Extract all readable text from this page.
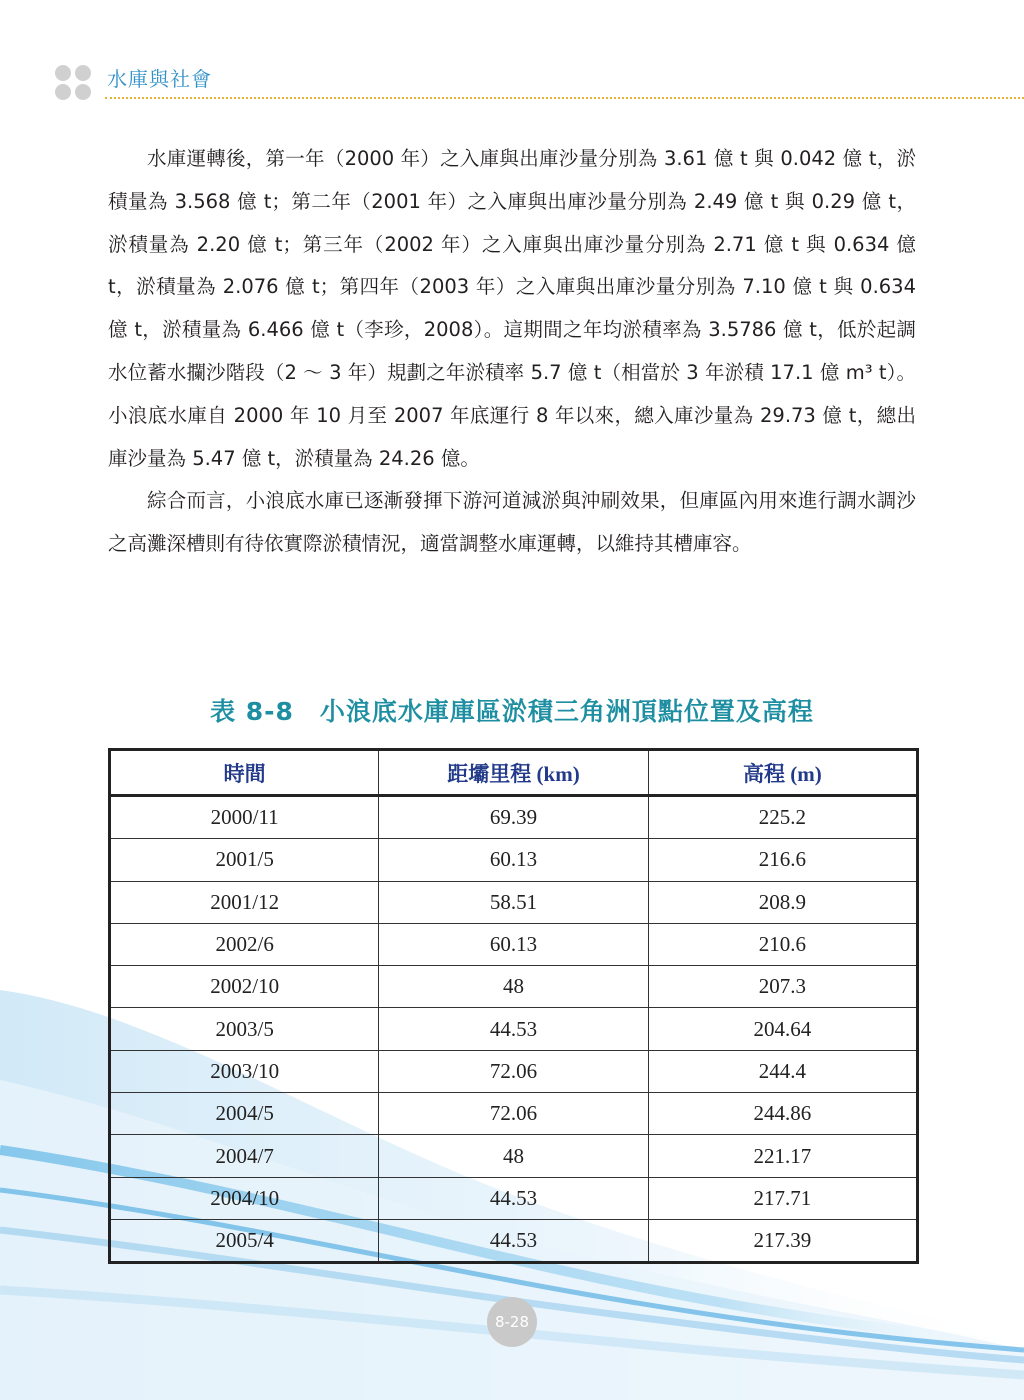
水庫與社會

水庫運轉後，第一年（2000 年）之入庫與出庫沙量分別為 3.61 億 t 與 0.042 億 t，淤積量為 3.568 億 t；第二年（2001 年）之入庫與出庫沙量分別為 2.49 億 t 與 0.29 億 t，淤積量為 2.20 億 t；第三年（2002 年）之入庫與出庫沙量分別為 2.71 億 t 與 0.634 億 t，淤積量為 2.076 億 t；第四年（2003 年）之入庫與出庫沙量分別為 7.10 億 t 與 0.634 億 t，淤積量為 6.466 億 t（李珍，2008）。這期間之年均淤積率為 3.5786 億 t，低於起調水位蓄水攔沙階段（2 ～ 3 年）規劃之年淤積率 5.7 億 t（相當於 3 年淤積 17.1 億 m³ t）。小浪底水庫自 2000 年 10 月至 2007 年底運行 8 年以來，總入庫沙量為 29.73 億 t，總出庫沙量為 5.47 億 t，淤積量為 24.26 億。

綜合而言，小浪底水庫已逐漸發揮下游河道減淤與沖刷效果，但庫區內用來進行調水調沙之高灘深槽則有待依實際淤積情況，適當調整水庫運轉，以維持其槽庫容。

表 8-8　小浪底水庫庫區淤積三角洲頂點位置及高程
時間	距壩里程 (km)	高程 (m)
2000/11	69.39	225.2
2001/5	60.13	216.6
2001/12	58.51	208.9
2002/6	60.13	210.6
2002/10	48	207.3
2003/5	44.53	204.64
2003/10	72.06	244.4
2004/5	72.06	244.86
2004/7	48	221.17
2004/10	44.53	217.71
2005/4	44.53	217.39
8-28
